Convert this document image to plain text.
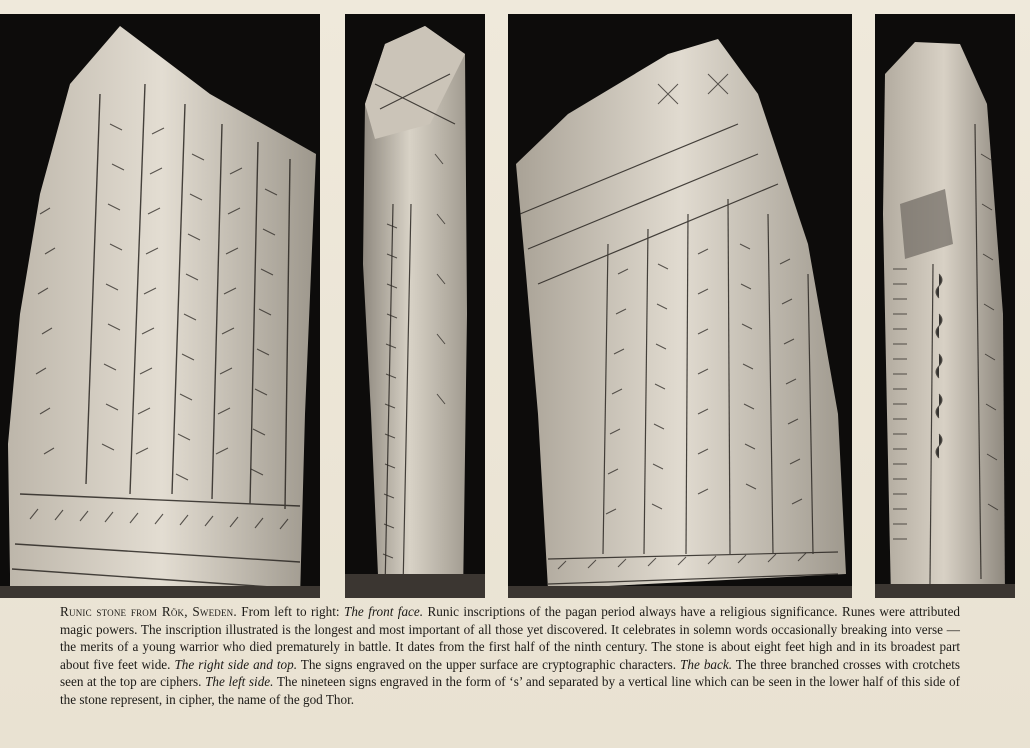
Runic stone from Rök, Sweden. From left to right: The front face. Runic inscriptions of the pagan period always have a religious significance. Runes were attributed magic powers. The inscription illustrated is the longest and most important of all those yet discovered. It celebrates in solemn words occasionally breaking into verse — the merits of a young warrior who died prematurely in battle. It dates from the first half of the ninth century. The stone is about eight feet high and in its broadest part about five feet wide. The right side and top. The signs engraved on the upper surface are cryptographic characters. The back. The three branched crosses with crotchets seen at the top are ciphers. The left side. The nineteen signs engraved in the form of ‘s’ and separated by a vertical line which can be seen in the lower half of this side of the stone represent, in cipher, the name of the god Thor.
